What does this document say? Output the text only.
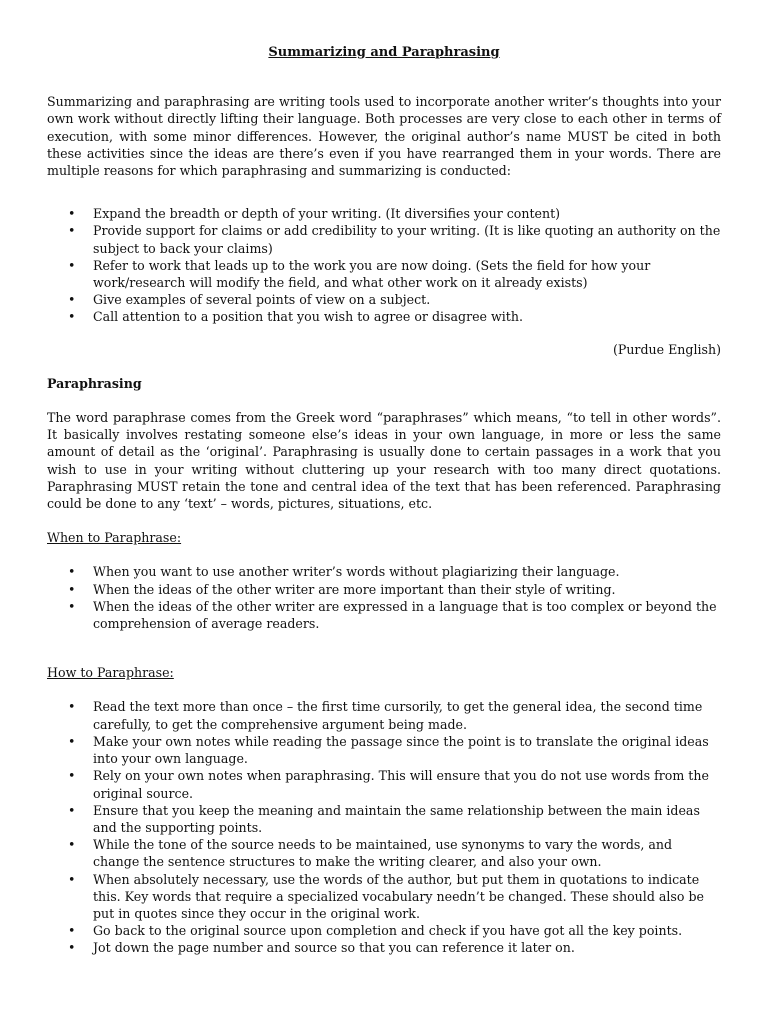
Summarizing and Paraphrasing

Summarizing and paraphrasing are writing tools used to incorporate another writer’s thoughts into your own work without directly lifting their language. Both processes are very close to each other in terms of execution, with some minor differences. However, the original author’s name MUST be cited in both these activities since the ideas are there’s even if you have rearranged them in your words. There are multiple reasons for which paraphrasing and summarizing is conducted:

• Expand the breadth or depth of your writing. (It diversifies your content)
• Provide support for claims or add credibility to your writing. (It is like quoting an authority on the subject to back your claims)
• Refer to work that leads up to the work you are now doing. (Sets the field for how your work/research will modify the field, and what other work on it already exists)
• Give examples of several points of view on a subject.
• Call attention to a position that you wish to agree or disagree with.
(Purdue English)
Paraphrasing

The word paraphrase comes from the Greek word “paraphrases” which means, “to tell in other words”. It basically involves restating someone else’s ideas in your own language, in more or less the same amount of detail as the ‘original’. Paraphrasing is usually done to certain passages in a work that you wish to use in your writing without cluttering up your research with too many direct quotations. Paraphrasing MUST retain the tone and central idea of the text that has been referenced. Paraphrasing could be done to any ‘text’ – words, pictures, situations, etc.

When to Paraphrase:
• When you want to use another writer’s words without plagiarizing their language.
• When the ideas of the other writer are more important than their style of writing.
• When the ideas of the other writer are expressed in a language that is too complex or beyond the comprehension of average readers.
How to Paraphrase:
• Read the text more than once – the first time cursorily, to get the general idea, the second time carefully, to get the comprehensive argument being made.
• Make your own notes while reading the passage since the point is to translate the original ideas into your own language.
• Rely on your own notes when paraphrasing. This will ensure that you do not use words from the original source.
• Ensure that you keep the meaning and maintain the same relationship between the main ideas and the supporting points.
• While the tone of the source needs to be maintained, use synonyms to vary the words, and change the sentence structures to make the writing clearer, and also your own.
• When absolutely necessary, use the words of the author, but put them in quotations to indicate this. Key words that require a specialized vocabulary needn’t be changed. These should also be put in quotes since they occur in the original work.
• Go back to the original source upon completion and check if you have got all the key points.
• Jot down the page number and source so that you can reference it later on.
